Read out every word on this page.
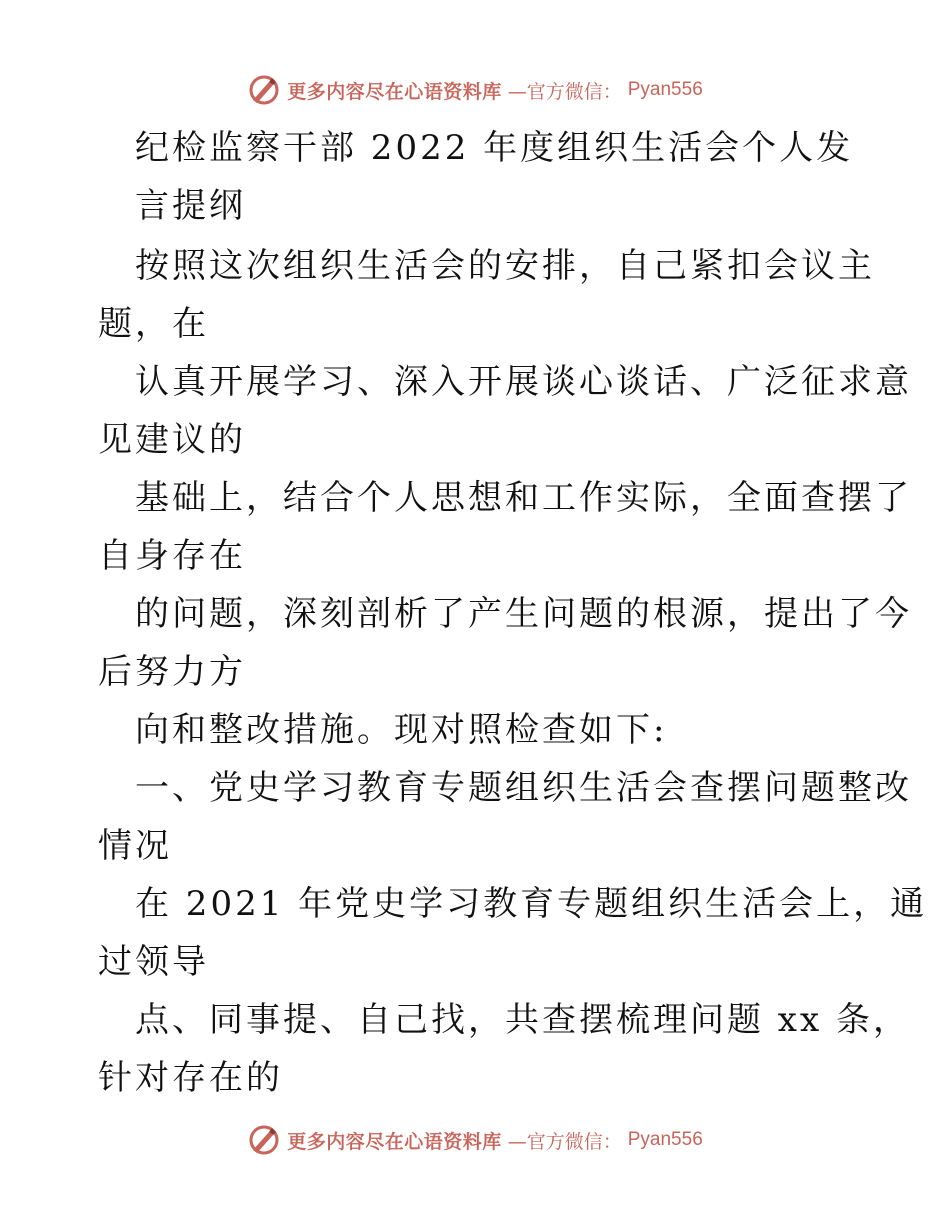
更多内容尽在心语资料库 —官方微信： Pyan556
纪检监察干部 2022 年度组织生活会个人发
言提纲
按照这次组织生活会的安排，自己紧扣会议主
题，在
认真开展学习、深入开展谈心谈话、广泛征求意
见建议的
基础上，结合个人思想和工作实际，全面查摆了
自身存在
的问题，深刻剖析了产生问题的根源，提出了今
后努力方
向和整改措施。现对照检查如下:
一、党史学习教育专题组织生活会查摆问题整改
情况
在 2021 年党史学习教育专题组织生活会上，通
过领导
点、同事提、自己找，共查摆梳理问题 xx 条，
针对存在的
更多内容尽在心语资料库 —官方微信： Pyan556
